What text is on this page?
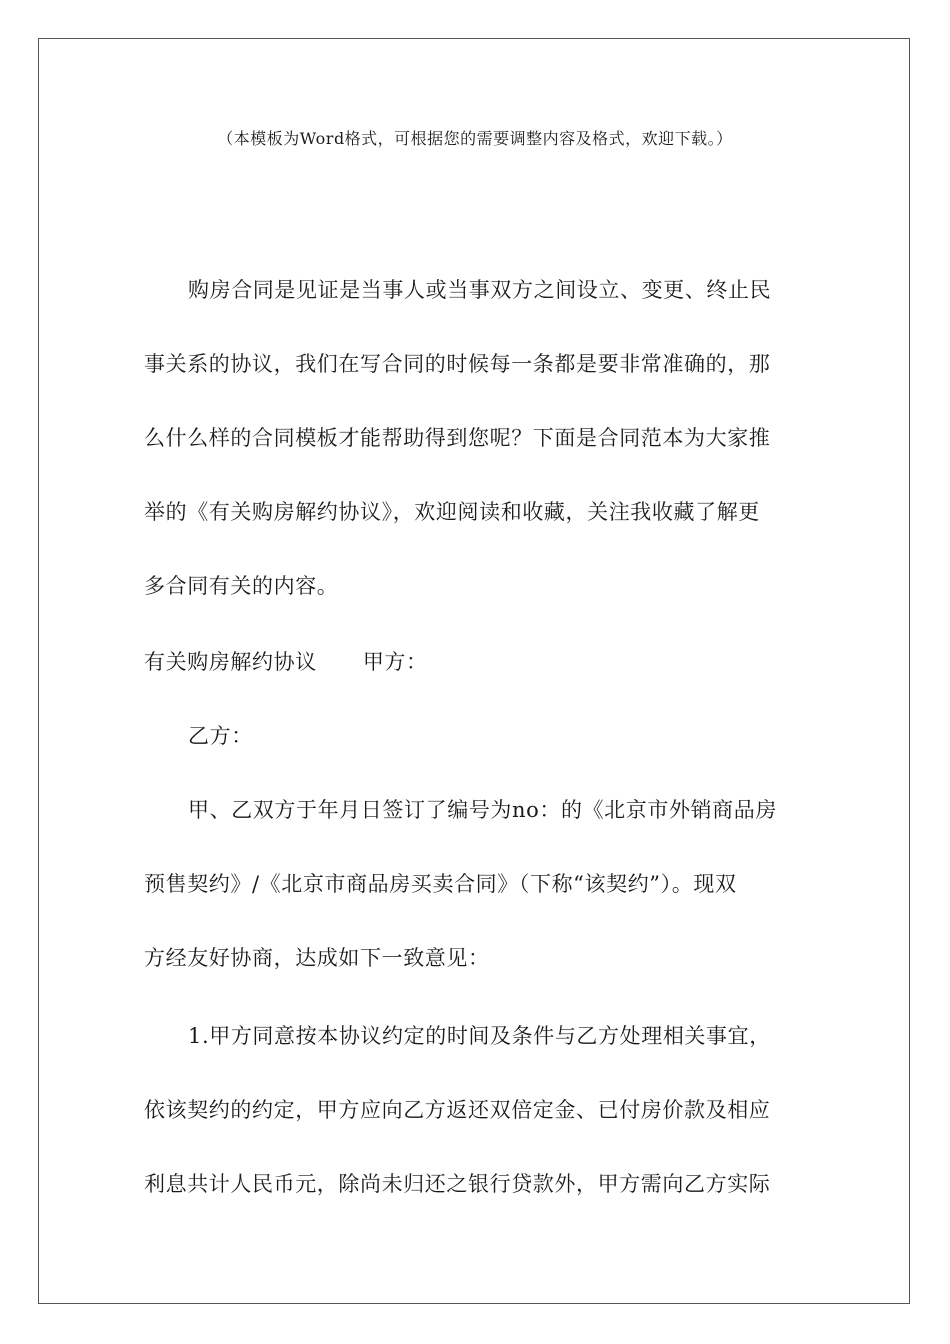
（本模板为Word格式，可根据您的需要调整内容及格式，欢迎下载。）
购房合同是见证是当事人或当事双方之间设立、变更、终止民
事关系的协议，我们在写合同的时候每一条都是要非常准确的，那
么什么样的合同模板才能帮助得到您呢？下面是合同范本为大家推
举的《有关购房解约协议》，欢迎阅读和收藏，关注我收藏了解更
多合同有关的内容。
有关购房解约协议 甲方：
乙方：
甲、乙双方于年月日签订了编号为no：的《北京市外销商品房
预售契约》/《北京市商品房买卖合同》（下称“该契约”）。现双
方经友好协商，达成如下一致意见：
1.甲方同意按本协议约定的时间及条件与乙方处理相关事宜，
依该契约的约定，甲方应向乙方返还双倍定金、已付房价款及相应
利息共计人民币元，除尚未归还之银行贷款外，甲方需向乙方实际
